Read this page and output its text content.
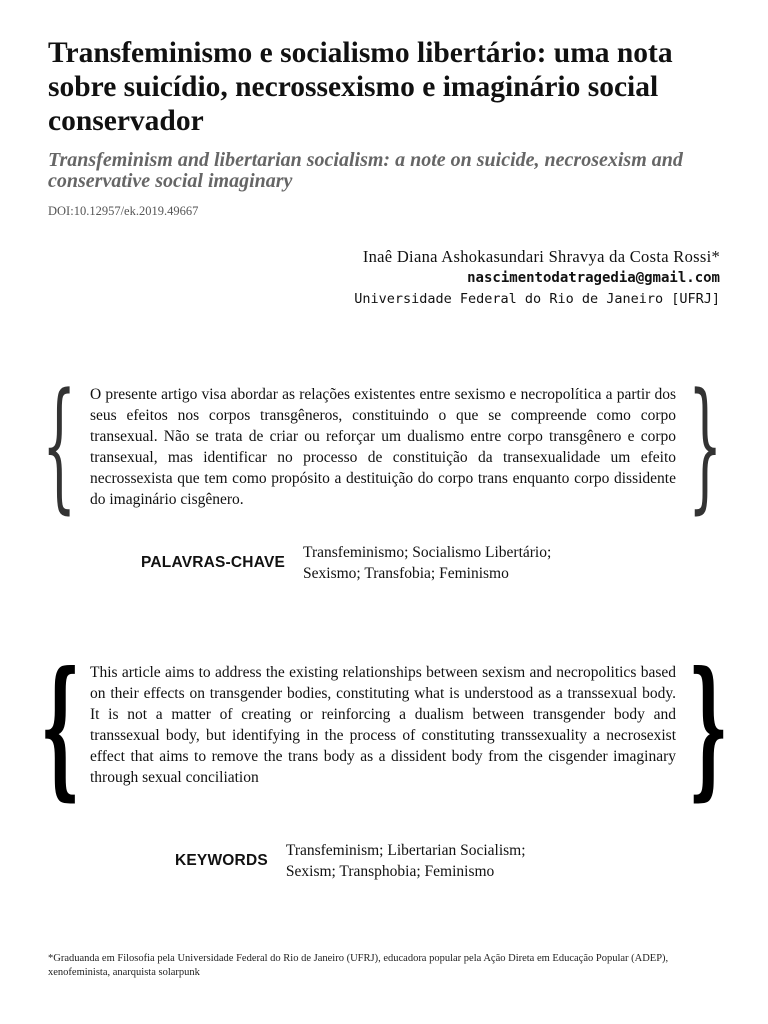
Transfeminismo e socialismo libertário: uma nota sobre suicídio, necrossexismo e imaginário social conservador
Transfeminism and libertarian socialism: a note on suicide, necrosexism and conservative social imaginary
DOI:10.12957/ek.2019.49667
Inaê Diana Ashokasundari Shravya da Costa Rossi*
nascimentodatragedia@gmail.com
Universidade Federal do Rio de Janeiro [UFRJ]
{	}

O presente artigo visa abordar as relações existentes entre sexismo e necropolítica a partir dos seus efeitos nos corpos transgêneros, constituindo o que se compreende como corpo transexual. Não se trata de criar ou reforçar um dualismo entre corpo transgênero e corpo transexual, mas identificar no processo de constituição da transexualidade um efeito necrossexista que tem como propósito a destituição do corpo trans enquanto corpo dissidente do imaginário cisgênero.

PALAVRAS-CHAVE
Transfeminismo; Socialismo Libertário;
Sexismo; Transfobia; Feminismo
{	}

This article aims to address the existing relationships between sexism and necropolitics based on their effects on transgender bodies, constituting what is understood as a transsexual body. It is not a matter of creating or reinforcing a dualism between transgender body and transsexual body, but identifying in the process of constituting transsexuality a necrosexist effect that aims to remove the trans body as a dissident body from the cisgender imaginary through sexual conciliation

KEYWORDS
Transfeminism; Libertarian Socialism;
Sexism; Transphobia; Feminismo

*Graduanda em Filosofia pela Universidade Federal do Rio de Janeiro (UFRJ), educadora popular pela Ação Direta em Educação Popular (ADEP), xenofeminista, anarquista solarpunk
